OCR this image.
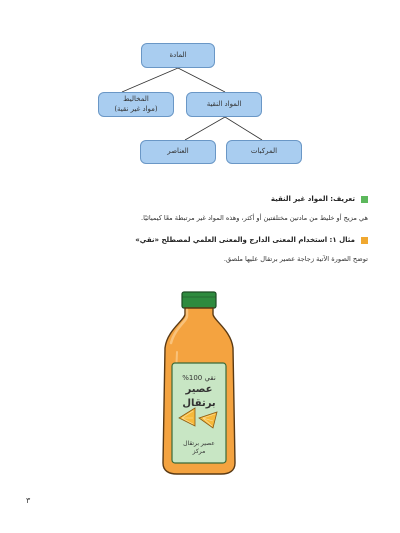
المادة
المخاليط
(مواد غير نقية)
المواد النقية
العناصر	المركبات
تعريف: المواد غير النقية
هي مزيج أو خليط من مادتين مختلفتين أو أكثر، وهذه المواد غير مرتبطة معًا كيميائيًا.
مثال ١: استخدام المعنى الدارج والمعنى العلمي لمصطلح «نقي»
توضح الصورة الآتية زجاجة عصير برتقال عليها ملصق.
نقي 100%
عصير
برتقال
عصير برتقال
مركز
٣
